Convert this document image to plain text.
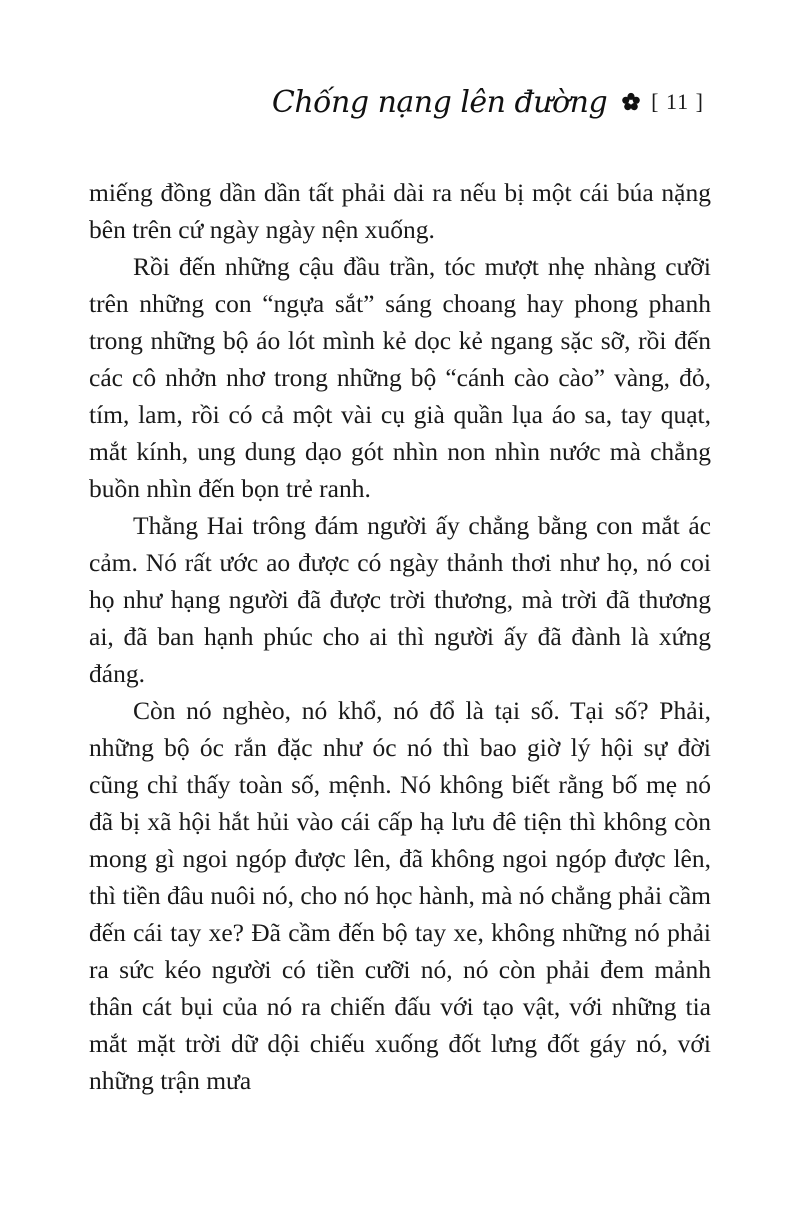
Chống nạng lên đường [ 11 ]

miếng đồng dần dần tất phải dài ra nếu bị một cái búa nặng bên trên cứ ngày ngày nện xuống.

Rồi đến những cậu đầu trần, tóc mượt nhẹ nhàng cưỡi trên những con “ngựa sắt” sáng choang hay phong phanh trong những bộ áo lót mình kẻ dọc kẻ ngang sặc sỡ, rồi đến các cô nhởn nhơ trong những bộ “cánh cào cào” vàng, đỏ, tím, lam, rồi có cả một vài cụ già quần lụa áo sa, tay quạt, mắt kính, ung dung dạo gót nhìn non nhìn nước mà chẳng buồn nhìn đến bọn trẻ ranh.

Thằng Hai trông đám người ấy chẳng bằng con mắt ác cảm. Nó rất ước ao được có ngày thảnh thơi như họ, nó coi họ như hạng người đã được trời thương, mà trời đã thương ai, đã ban hạnh phúc cho ai thì người ấy đã đành là xứng đáng.

Còn nó nghèo, nó khổ, nó đổ là tại số. Tại số? Phải, những bộ óc rắn đặc như óc nó thì bao giờ lý hội sự đời cũng chỉ thấy toàn số, mệnh. Nó không biết rằng bố mẹ nó đã bị xã hội hắt hủi vào cái cấp hạ lưu đê tiện thì không còn mong gì ngoi ngóp được lên, đã không ngoi ngóp được lên, thì tiền đâu nuôi nó, cho nó học hành, mà nó chẳng phải cầm đến cái tay xe? Đã cầm đến bộ tay xe, không những nó phải ra sức kéo người có tiền cưỡi nó, nó còn phải đem mảnh thân cát bụi của nó ra chiến đấu với tạo vật, với những tia mắt mặt trời dữ dội chiếu xuống đốt lưng đốt gáy nó, với những trận mưa
